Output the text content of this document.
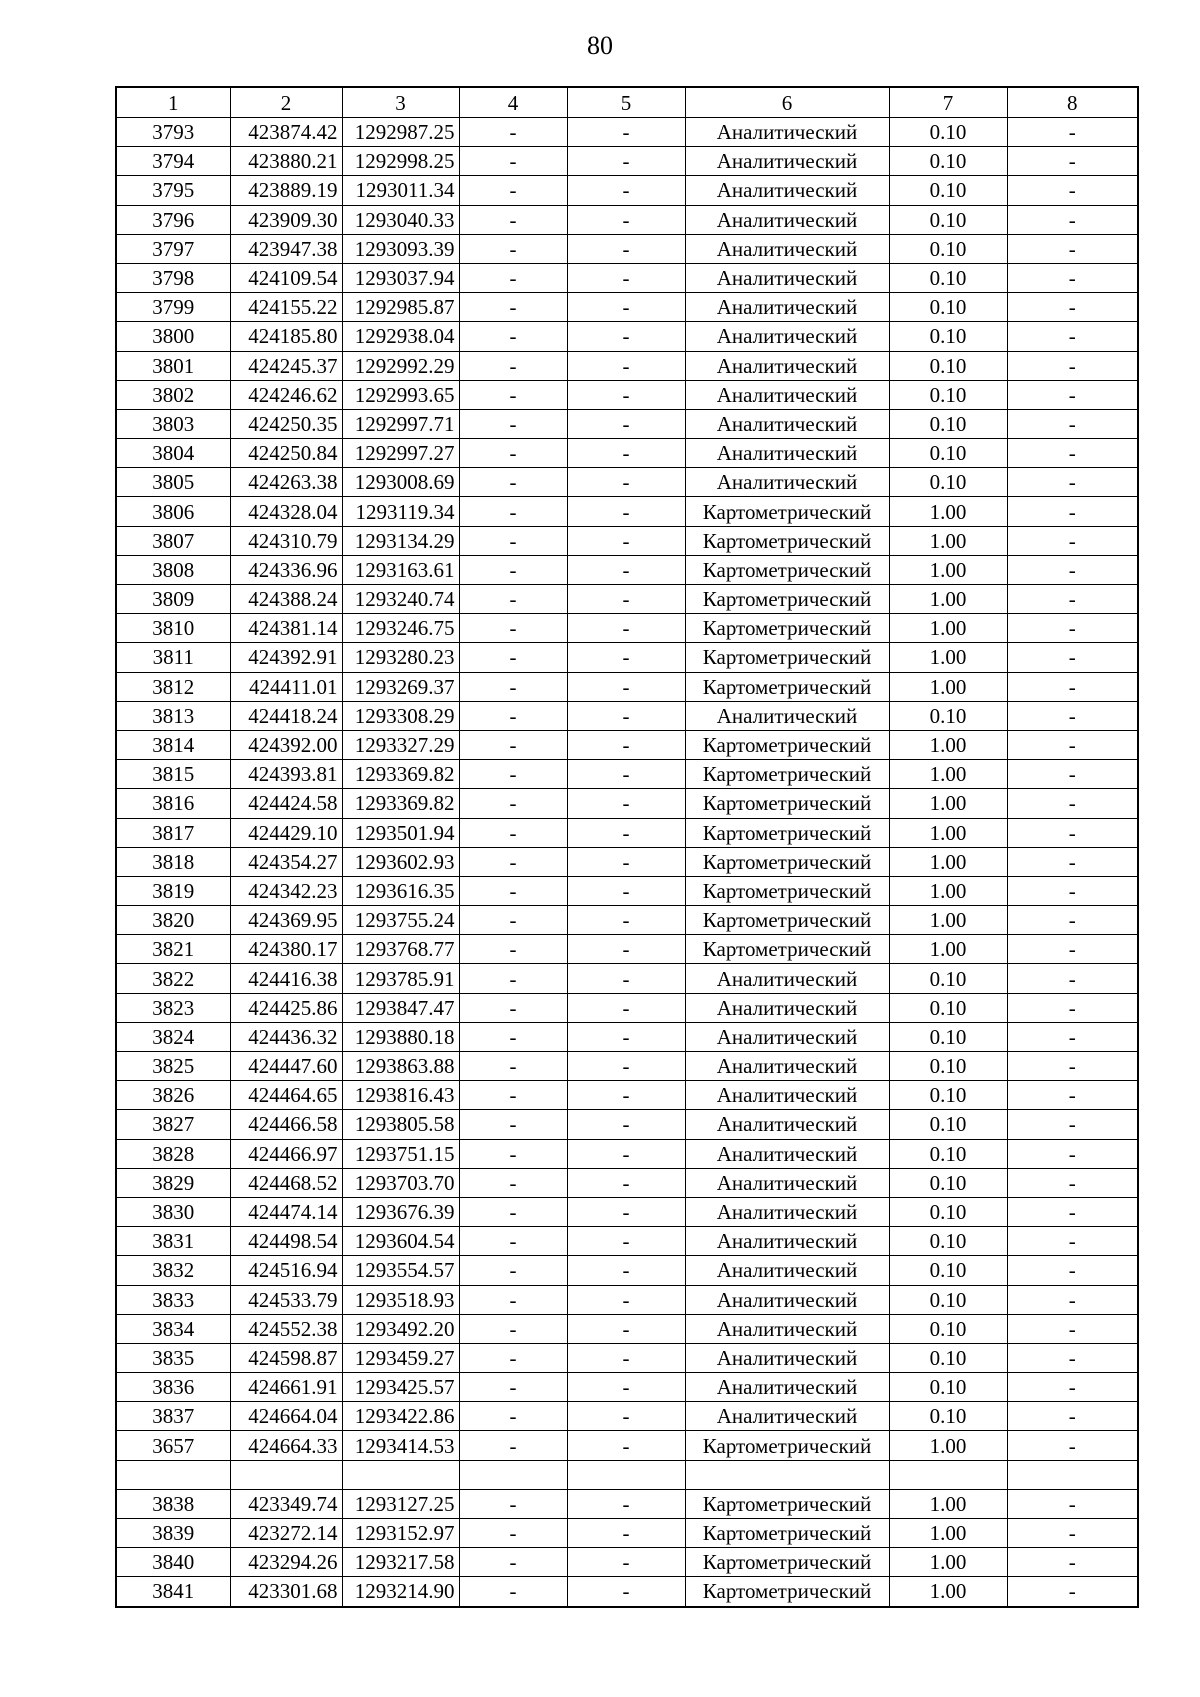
80
1	2	3	4	5	6	7	8
3793	423874.42	1292987.25	-	-	Аналитический	0.10	-
3794	423880.21	1292998.25	-	-	Аналитический	0.10	-
3795	423889.19	1293011.34	-	-	Аналитический	0.10	-
3796	423909.30	1293040.33	-	-	Аналитический	0.10	-
3797	423947.38	1293093.39	-	-	Аналитический	0.10	-
3798	424109.54	1293037.94	-	-	Аналитический	0.10	-
3799	424155.22	1292985.87	-	-	Аналитический	0.10	-
3800	424185.80	1292938.04	-	-	Аналитический	0.10	-
3801	424245.37	1292992.29	-	-	Аналитический	0.10	-
3802	424246.62	1292993.65	-	-	Аналитический	0.10	-
3803	424250.35	1292997.71	-	-	Аналитический	0.10	-
3804	424250.84	1292997.27	-	-	Аналитический	0.10	-
3805	424263.38	1293008.69	-	-	Аналитический	0.10	-
3806	424328.04	1293119.34	-	-	Картометрический	1.00	-
3807	424310.79	1293134.29	-	-	Картометрический	1.00	-
3808	424336.96	1293163.61	-	-	Картометрический	1.00	-
3809	424388.24	1293240.74	-	-	Картометрический	1.00	-
3810	424381.14	1293246.75	-	-	Картометрический	1.00	-
3811	424392.91	1293280.23	-	-	Картометрический	1.00	-
3812	424411.01	1293269.37	-	-	Картометрический	1.00	-
3813	424418.24	1293308.29	-	-	Аналитический	0.10	-
3814	424392.00	1293327.29	-	-	Картометрический	1.00	-
3815	424393.81	1293369.82	-	-	Картометрический	1.00	-
3816	424424.58	1293369.82	-	-	Картометрический	1.00	-
3817	424429.10	1293501.94	-	-	Картометрический	1.00	-
3818	424354.27	1293602.93	-	-	Картометрический	1.00	-
3819	424342.23	1293616.35	-	-	Картометрический	1.00	-
3820	424369.95	1293755.24	-	-	Картометрический	1.00	-
3821	424380.17	1293768.77	-	-	Картометрический	1.00	-
3822	424416.38	1293785.91	-	-	Аналитический	0.10	-
3823	424425.86	1293847.47	-	-	Аналитический	0.10	-
3824	424436.32	1293880.18	-	-	Аналитический	0.10	-
3825	424447.60	1293863.88	-	-	Аналитический	0.10	-
3826	424464.65	1293816.43	-	-	Аналитический	0.10	-
3827	424466.58	1293805.58	-	-	Аналитический	0.10	-
3828	424466.97	1293751.15	-	-	Аналитический	0.10	-
3829	424468.52	1293703.70	-	-	Аналитический	0.10	-
3830	424474.14	1293676.39	-	-	Аналитический	0.10	-
3831	424498.54	1293604.54	-	-	Аналитический	0.10	-
3832	424516.94	1293554.57	-	-	Аналитический	0.10	-
3833	424533.79	1293518.93	-	-	Аналитический	0.10	-
3834	424552.38	1293492.20	-	-	Аналитический	0.10	-
3835	424598.87	1293459.27	-	-	Аналитический	0.10	-
3836	424661.91	1293425.57	-	-	Аналитический	0.10	-
3837	424664.04	1293422.86	-	-	Аналитический	0.10	-
3657	424664.33	1293414.53	-	-	Картометрический	1.00	-

3838	423349.74	1293127.25	-	-	Картометрический	1.00	-
3839	423272.14	1293152.97	-	-	Картометрический	1.00	-
3840	423294.26	1293217.58	-	-	Картометрический	1.00	-
3841	423301.68	1293214.90	-	-	Картометрический	1.00	-
